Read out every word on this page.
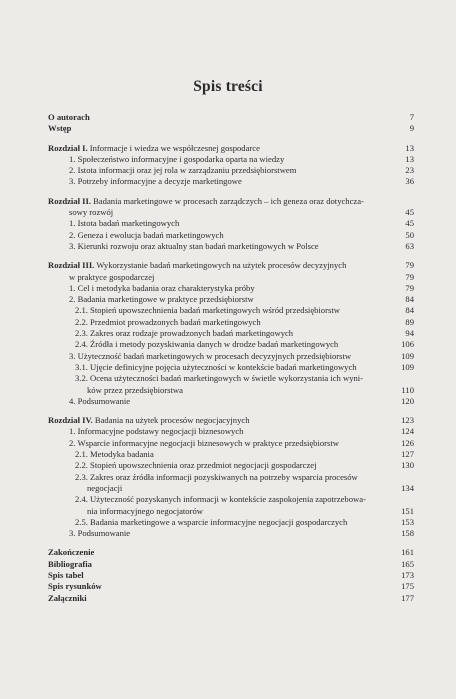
Spis treści
O autorach	7
Wstęp	9
Rozdział I. Informacje i wiedza we współczesnej gospodarce	13
1. Społeczeństwo informacyjne i gospodarka oparta na wiedzy	13
2. Istota informacji oraz jej rola w zarządzaniu przedsiębiorstwem	23
3. Potrzeby informacyjne a decyzje marketingowe	36
Rozdział II. Badania marketingowe w procesach zarządczych – ich geneza oraz dotychcza-
sowy rozwój	45
1. Istota badań marketingowych	45
2. Geneza i ewolucja badań marketingowych	50
3. Kierunki rozwoju oraz aktualny stan badań marketingowych w Polsce	63
Rozdział III. Wykorzystanie badań marketingowych na użytek procesów decyzyjnych	79
w praktyce gospodarczej	79
1. Cel i metodyka badania oraz charakterystyka próby	79
2. Badania marketingowe w praktyce przedsiębiorstw	84
2.1. Stopień upowszechnienia badań marketingowych wśród przedsiębiorstw	84
2.2. Przedmiot prowadzonych badań marketingowych	89
2.3. Zakres oraz rodzaje prowadzonych badań marketingowych	94
2.4. Źródła i metody pozyskiwania danych w drodze badań marketingowych	106
3. Użyteczność badań marketingowych w procesach decyzyjnych przedsiębiorstw	109
3.1. Ujęcie definicyjne pojęcia użyteczności w kontekście badań marketingowych	109
3.2. Ocena użyteczności badań marketingowych w świetle wykorzystania ich wyni-
ków przez przedsiębiorstwa	110
4. Podsumowanie	120
Rozdział IV. Badania na użytek procesów negocjacyjnych	123
1. Informacyjne podstawy negocjacji biznesowych	124
2. Wsparcie informacyjne negocjacji biznesowych w praktyce przedsiębiorstw	126
2.1. Metodyka badania	127
2.2. Stopień upowszechnienia oraz przedmiot negocjacji gospodarczej	130
2.3. Zakres oraz źródła informacji pozyskiwanych na potrzeby wsparcia procesów
negocjacji	134
2.4. Użyteczność pozyskanych informacji w kontekście zaspokojenia zapotrzebowa-
nia informacyjnego negocjatorów	151
2.5. Badania marketingowe a wsparcie informacyjne negocjacji gospodarczych	153
3. Podsumowanie	158
Zakończenie	161
Bibliografia	165
Spis tabel	173
Spis rysunków	175
Załączniki	177
